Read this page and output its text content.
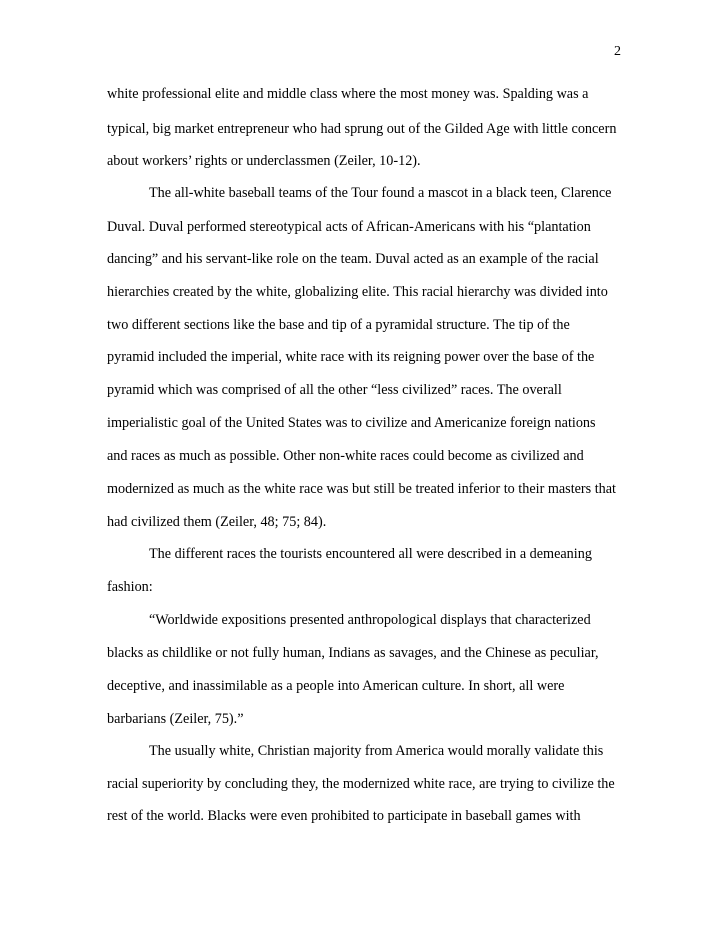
2
white professional elite and middle class where the most money was. Spalding was a
typical, big market entrepreneur who had sprung out of the Gilded Age with little concern
about workers’ rights or underclassmen (Zeiler, 10-12).
The all-white baseball teams of the Tour found a mascot in a black teen, Clarence
Duval. Duval performed stereotypical acts of African-Americans with his “plantation
dancing” and his servant-like role on the team. Duval acted as an example of the racial
hierarchies created by the white, globalizing elite. This racial hierarchy was divided into
two different sections like the base and tip of a pyramidal structure. The tip of the
pyramid included the imperial, white race with its reigning power over the base of the
pyramid which was comprised of all the other “less civilized” races. The overall
imperialistic goal of the United States was to civilize and Americanize foreign nations
and races as much as possible. Other non-white races could become as civilized and
modernized as much as the white race was but still be treated inferior to their masters that
had civilized them (Zeiler, 48; 75; 84).
The different races the tourists encountered all were described in a demeaning
fashion:
“Worldwide expositions presented anthropological displays that characterized
blacks as childlike or not fully human, Indians as savages, and the Chinese as peculiar,
deceptive, and inassimilable as a people into American culture. In short, all were
barbarians (Zeiler, 75).”
The usually white, Christian majority from America would morally validate this
racial superiority by concluding they, the modernized white race, are trying to civilize the
rest of the world. Blacks were even prohibited to participate in baseball games with
